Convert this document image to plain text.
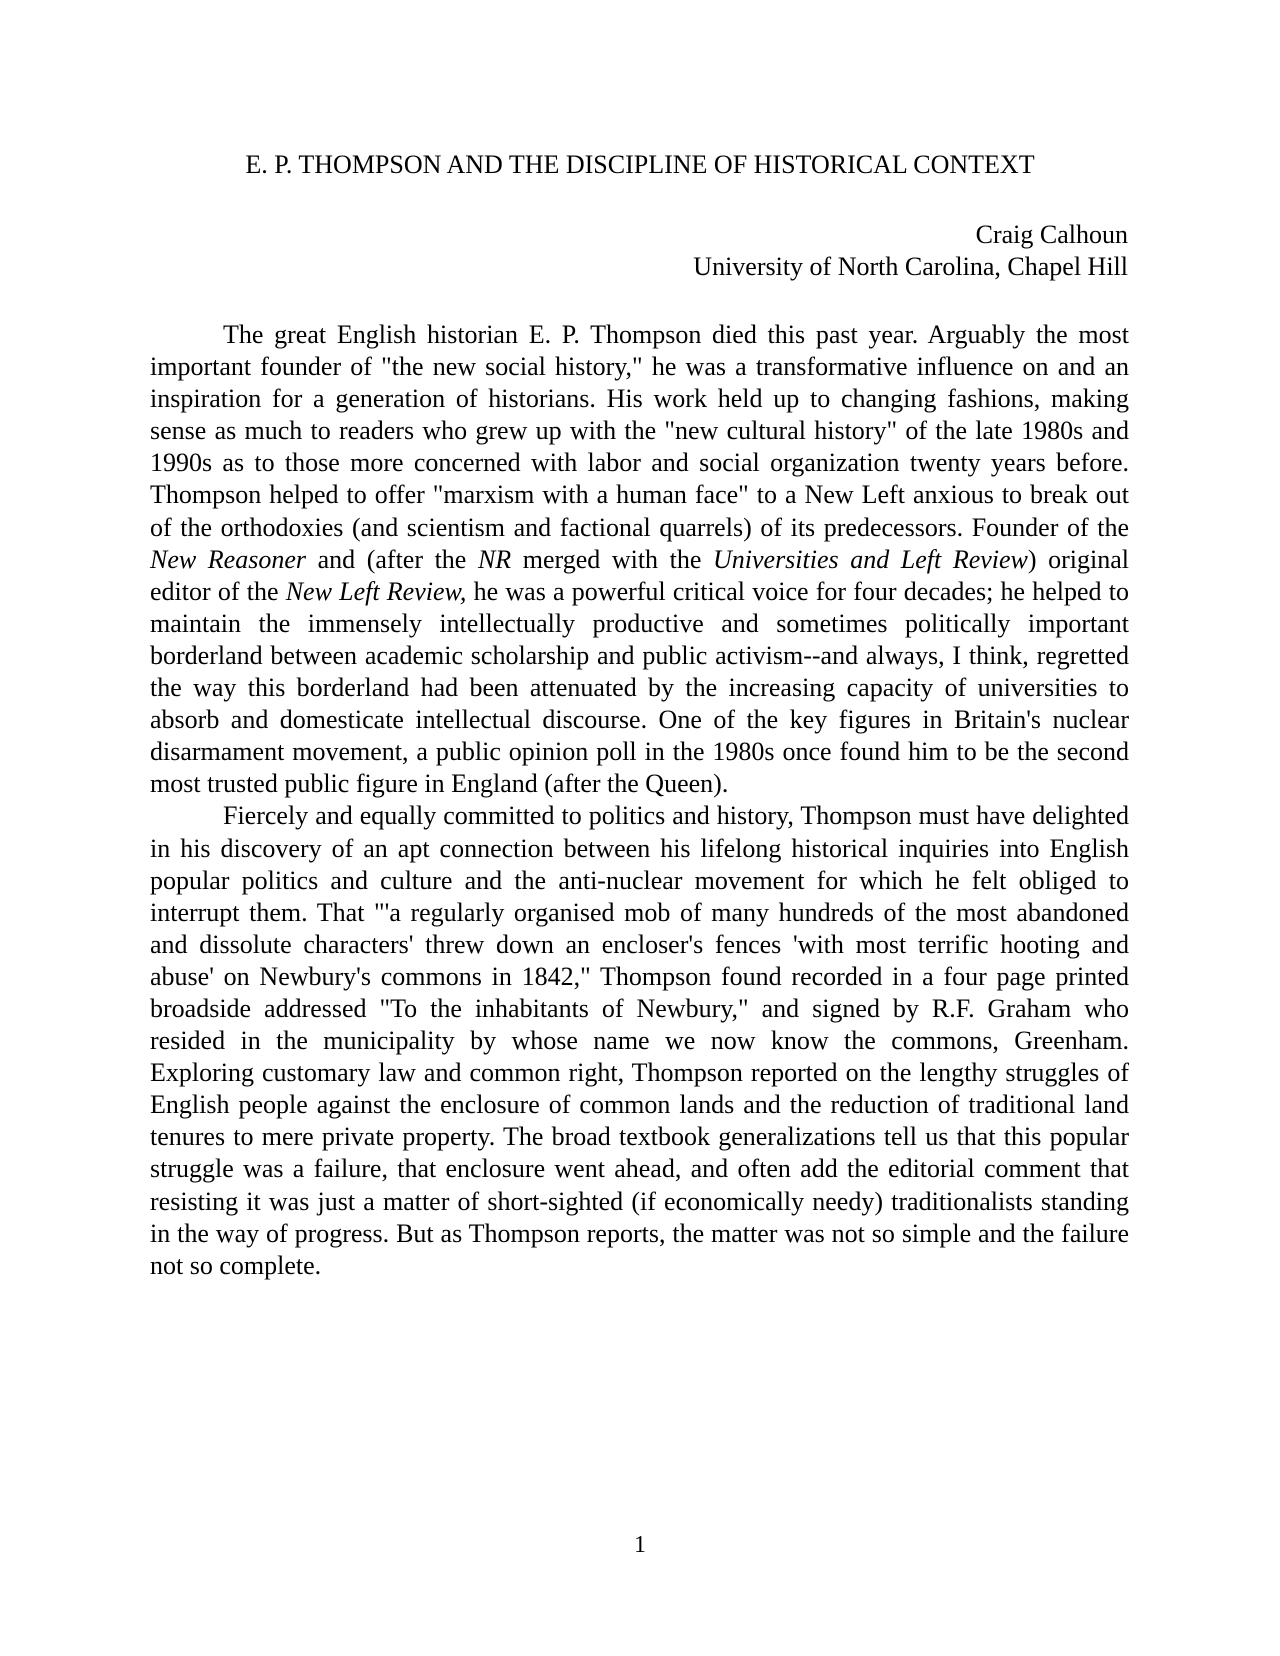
E. P. THOMPSON AND THE DISCIPLINE OF HISTORICAL CONTEXT
Craig Calhoun
University of North Carolina, Chapel Hill

The great English historian E. P. Thompson died this past year. Arguably the most important founder of "the new social history," he was a transformative influence on and an inspiration for a generation of historians. His work held up to changing fashions, making sense as much to readers who grew up with the "new cultural history" of the late 1980s and 1990s as to those more concerned with labor and social organization twenty years before. Thompson helped to offer "marxism with a human face" to a New Left anxious to break out of the orthodoxies (and scientism and factional quarrels) of its predecessors. Founder of the New Reasoner and (after the NR merged with the Universities and Left Review) original editor of the New Left Review, he was a powerful critical voice for four decades; he helped to maintain the immensely intellectually productive and sometimes politically important borderland between academic scholarship and public activism--and always, I think, regretted the way this borderland had been attenuated by the increasing capacity of universities to absorb and domesticate intellectual discourse. One of the key figures in Britain's nuclear disarmament movement, a public opinion poll in the 1980s once found him to be the second most trusted public figure in England (after the Queen).

Fiercely and equally committed to politics and history, Thompson must have delighted in his discovery of an apt connection between his lifelong historical inquiries into English popular politics and culture and the anti-nuclear movement for which he felt obliged to interrupt them. That "'a regularly organised mob of many hundreds of the most abandoned and dissolute characters' threw down an encloser's fences 'with most terrific hooting and abuse' on Newbury's commons in 1842," Thompson found recorded in a four page printed broadside addressed "To the inhabitants of Newbury," and signed by R.F. Graham who resided in the municipality by whose name we now know the commons, Greenham. Exploring customary law and common right, Thompson reported on the lengthy struggles of English people against the enclosure of common lands and the reduction of traditional land tenures to mere private property. The broad textbook generalizations tell us that this popular struggle was a failure, that enclosure went ahead, and often add the editorial comment that resisting it was just a matter of short-sighted (if economically needy) traditionalists standing in the way of progress. But as Thompson reports, the matter was not so simple and the failure not so complete.

1
